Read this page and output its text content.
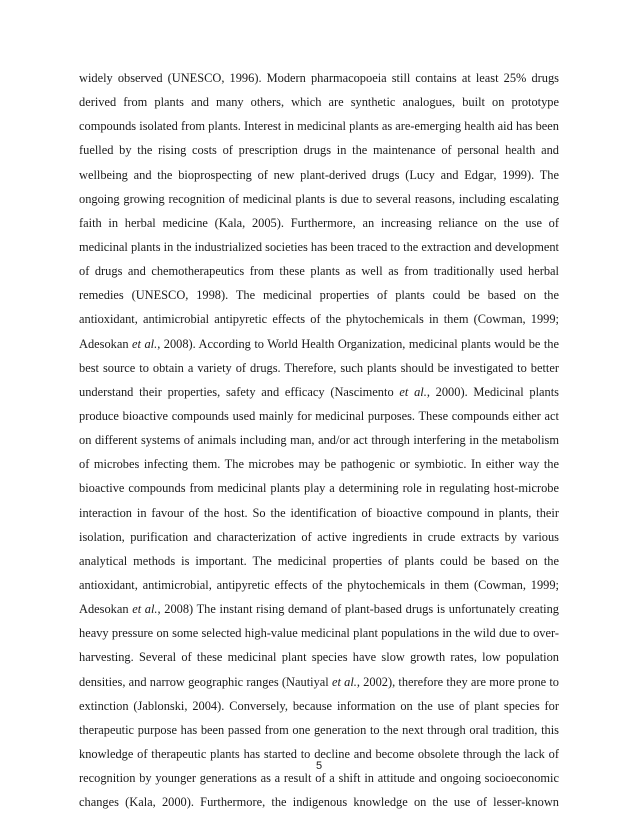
widely observed (UNESCO, 1996). Modern pharmacopoeia still contains at least 25% drugs
derived from plants and many others, which are synthetic analogues, built on prototype
compounds isolated from plants. Interest in medicinal plants as are-emerging health aid has been
fuelled by the rising costs of prescription drugs in the maintenance of personal health and
wellbeing and the bioprospecting of new plant-derived drugs (Lucy and Edgar, 1999). The
ongoing growing recognition of medicinal plants is due to several reasons, including escalating
faith in herbal medicine (Kala, 2005). Furthermore, an increasing reliance on the use of
medicinal plants in the industrialized societies has been traced to the extraction and development
of drugs and chemotherapeutics from these plants as well as from traditionally used herbal
remedies (UNESCO, 1998). The medicinal properties of plants could be based on the
antioxidant, antimicrobial antipyretic effects of the phytochemicals in them (Cowman, 1999;
Adesokan et al., 2008). According to World Health Organization, medicinal plants would be the
best source to obtain a variety of drugs. Therefore, such plants should be investigated to better
understand their properties, safety and efficacy (Nascimento et al., 2000). Medicinal plants
produce bioactive compounds used mainly for medicinal purposes. These compounds either act
on different systems of animals including man, and/or act through interfering in the metabolism
of microbes infecting them. The microbes may be pathogenic or symbiotic. In either way the
bioactive compounds from medicinal plants play a determining role in regulating host-microbe
interaction in favour of the host. So the identification of bioactive compound in plants, their
isolation, purification and characterization of active ingredients in crude extracts by various
analytical methods is important. The medicinal properties of plants could be based on the
antioxidant, antimicrobial, antipyretic effects of the phytochemicals in them (Cowman, 1999;
Adesokan et al., 2008) The instant rising demand of plant-based drugs is unfortunately creating
heavy pressure on some selected high-value medicinal plant populations in the wild due to over-
harvesting. Several of these medicinal plant species have slow growth rates, low population
densities, and narrow geographic ranges (Nautiyal et al., 2002), therefore they are more prone to
extinction (Jablonski, 2004). Conversely, because information on the use of plant species for
therapeutic purpose has been passed from one generation to the next through oral tradition, this
knowledge of therapeutic plants has started to decline and become obsolete through the lack of
recognition by younger generations as a result of a shift in attitude and ongoing socioeconomic
changes (Kala, 2000). Furthermore, the indigenous knowledge on the use of lesser-known
5
